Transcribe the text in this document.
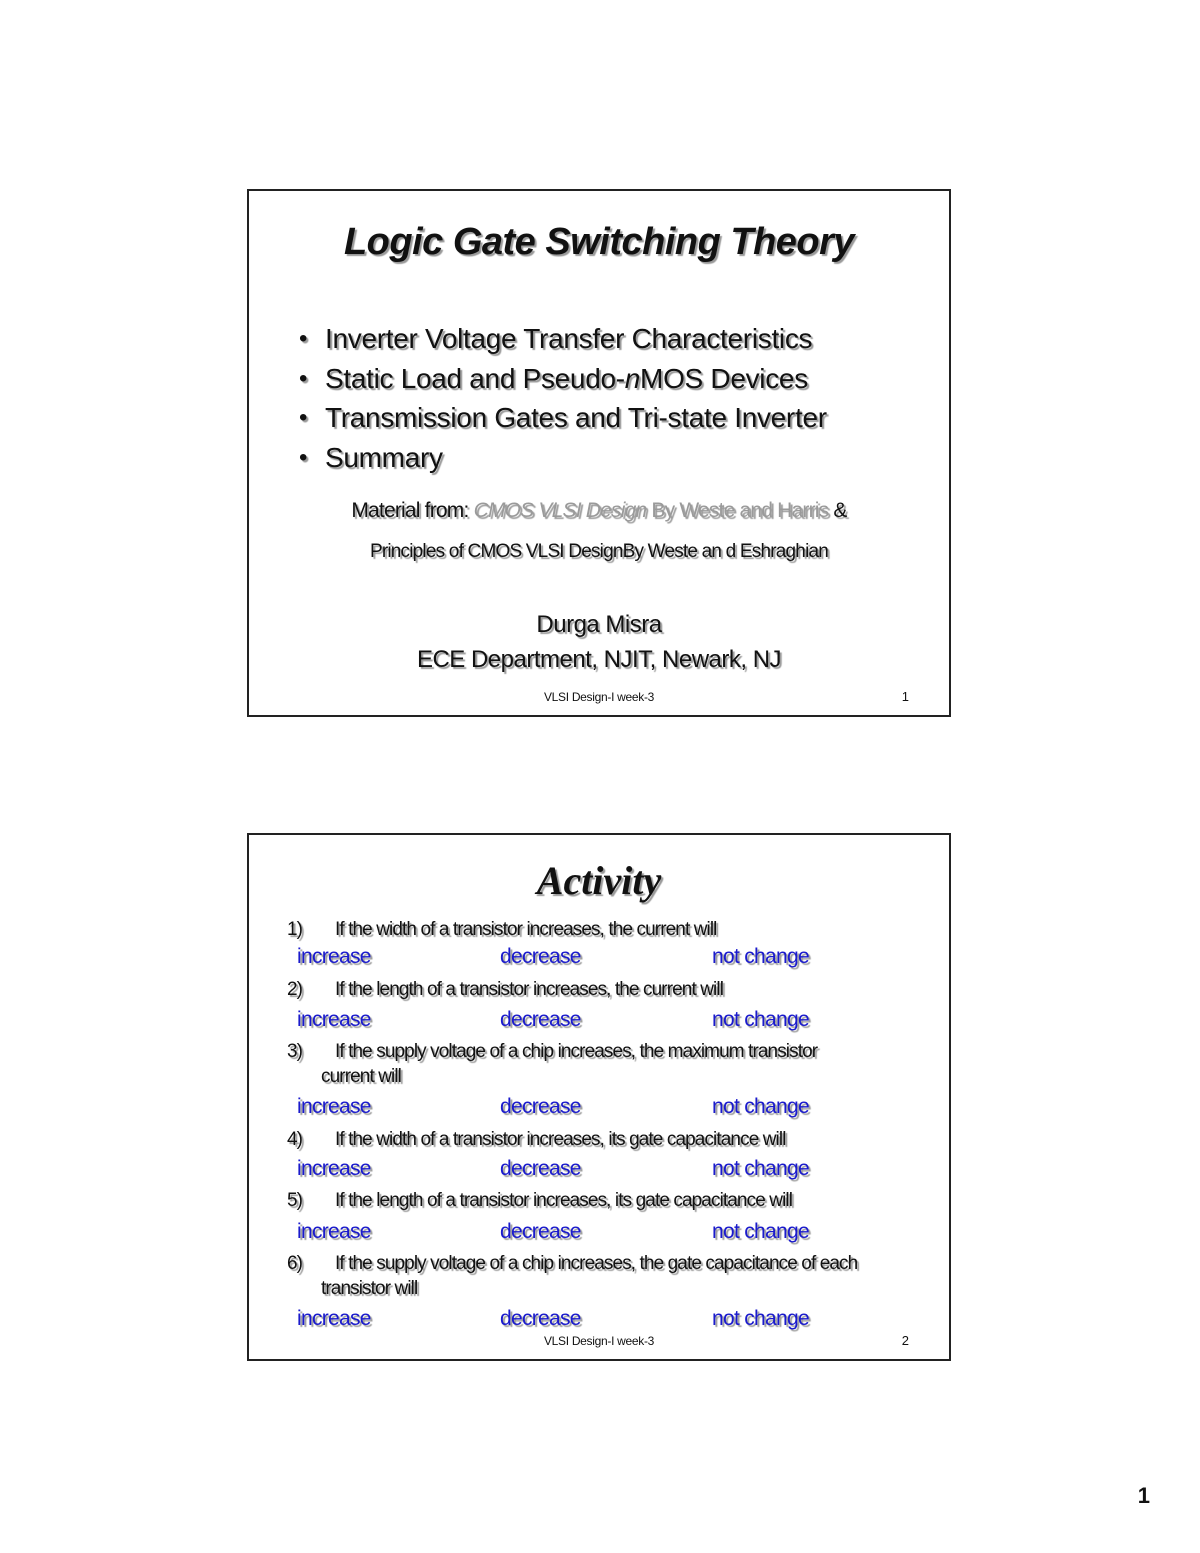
Logic Gate Switching Theory
• Inverter Voltage Transfer Characteristics
• Static Load and Pseudo-nMOS Devices
• Transmission Gates and Tri-state Inverter
• Summary
Material from: CMOS VLSI Design By Weste and Harris &
Principles of CMOS VLSI DesignBy Weste an d Eshraghian
Durga Misra
ECE Department, NJIT, Newark, NJ
VLSI Design-I week-3	1
Activity
1) If the width of a transistor increases, the current will
increase	decrease	not change
2) If the length of a transistor increases, the current will
increase	decrease	not change
3) If the supply voltage of a chip increases, the maximum transistor
current will
increase	decrease	not change
4) If the width of a transistor increases, its gate capacitance will
increase	decrease	not change
5) If the length of a transistor increases, its gate capacitance will
increase	decrease	not change
6) If the supply voltage of a chip increases, the gate capacitance of each
transistor will
increase	decrease	not change
VLSI Design-I week-3	2
1
